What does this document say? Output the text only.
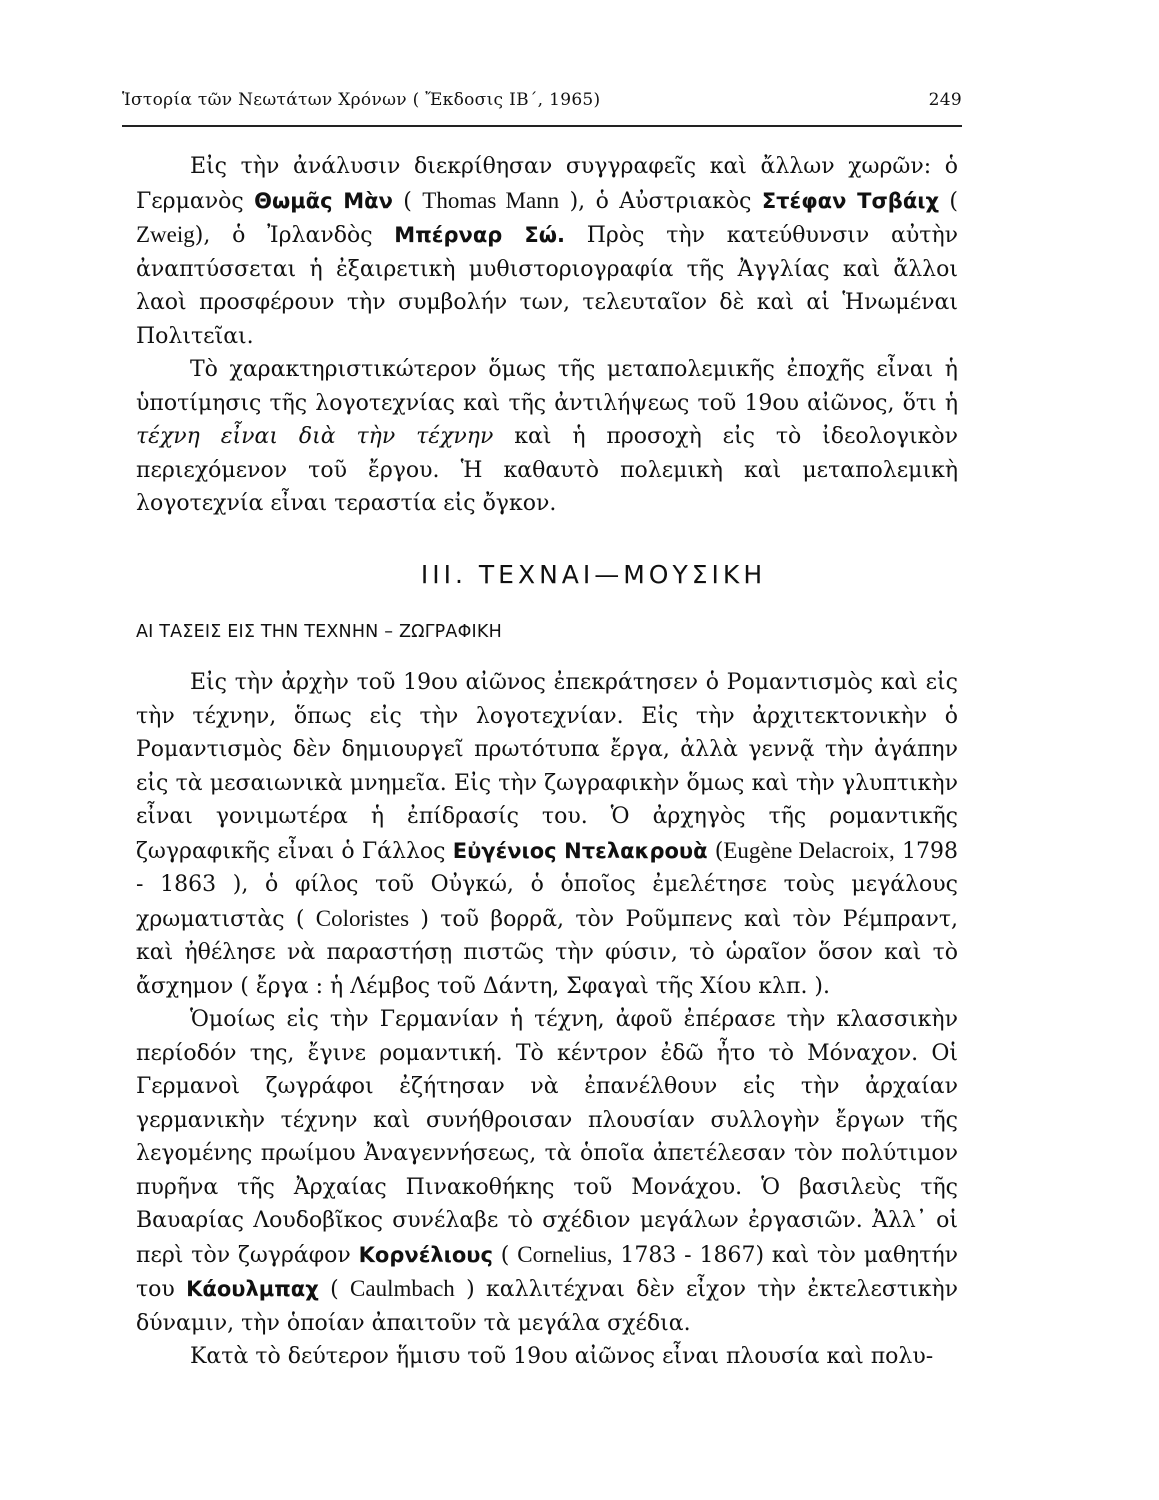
Ἱστορία τῶν Νεωτάτων Χρόνων ( Ἔκδοσις ΙΒ΄, 1965)	249

Εἰς τὴν ἀνάλυσιν διεκρίθησαν συγγραφεῖς καὶ ἄλλων χωρῶν: ὁ Γερμανὸς Θωμᾶς Μὰν ( Thomas Mann ), ὁ Αὐστριακὸς Στέφαν Τσβάιχ ( Zweig), ὁ Ἰρλανδὸς Μπέρναρ Σώ. Πρὸς τὴν κατεύθυνσιν αὐτὴν ἀναπτύσσεται ἡ ἐξαιρετικὴ μυθιστοριογραφία τῆς Ἀγγλίας καὶ ἄλλοι λαοὶ προσφέρουν τὴν συμβολήν των, τελευταῖον δὲ καὶ αἱ Ἡνωμέναι Πολιτεῖαι.

Τὸ χαρακτηριστικώτερον ὅμως τῆς μεταπολεμικῆς ἐποχῆς εἶναι ἡ ὑποτίμησις τῆς λογοτεχνίας καὶ τῆς ἀντιλήψεως τοῦ 19ου αἰῶνος, ὅτι ἡ τέχνη εἶναι διὰ τὴν τέχνην καὶ ἡ προσοχὴ εἰς τὸ ἰδεολογικὸν περιεχόμενον τοῦ ἔργου. Ἡ καθαυτὸ πολεμικὴ καὶ μεταπολεμικὴ λογοτεχνία εἶναι τεραστία εἰς ὄγκον.

ΙΙΙ. ΤΕΧΝΑΙ—ΜΟΥΣΙΚΗ
ΑΙ ΤΑΣΕΙΣ ΕΙΣ ΤΗΝ ΤΕΧΝΗΝ – ΖΩΓΡΑΦΙΚΗ

Εἰς τὴν ἀρχὴν τοῦ 19ου αἰῶνος ἐπεκράτησεν ὁ Ρομαντισμὸς καὶ εἰς τὴν τέχνην, ὅπως εἰς τὴν λογοτεχνίαν. Εἰς τὴν ἀρχιτεκτονικὴν ὁ Ρομαντισμὸς δὲν δημιουργεῖ πρωτότυπα ἔργα, ἀλλὰ γεννᾷ τὴν ἀγάπην εἰς τὰ μεσαιωνικὰ μνημεῖα. Εἰς τὴν ζωγραφικὴν ὅμως καὶ τὴν γλυπτικὴν εἶναι γονιμωτέρα ἡ ἐπίδρασίς του. Ὁ ἀρχηγὸς τῆς ρομαντικῆς ζωγραφικῆς εἶναι ὁ Γάλλος Εὐγένιος Ντελακρουὰ (Eugène Delacroix, 1798 - 1863 ), ὁ φίλος τοῦ Οὐγκώ, ὁ ὁποῖος ἐμελέτησε τοὺς μεγάλους χρωματιστὰς ( Coloristes ) τοῦ βορρᾶ, τὸν Ροῦμπενς καὶ τὸν Ρέμπραντ, καὶ ἠθέλησε νὰ παραστήσῃ πιστῶς τὴν φύσιν, τὸ ὡραῖον ὅσον καὶ τὸ ἄσχημον ( ἔργα : ἡ Λέμβος τοῦ Δάντη, Σφαγαὶ τῆς Χίου κλπ. ).

Ὁμοίως εἰς τὴν Γερμανίαν ἡ τέχνη, ἀφοῦ ἐπέρασε τὴν κλασσικὴν περίοδόν της, ἔγινε ρομαντική. Τὸ κέντρον ἐδῶ ἦτο τὸ Μόναχον. Οἱ Γερμανοὶ ζωγράφοι ἐζήτησαν νὰ ἐπανέλθουν εἰς τὴν ἀρχαίαν γερμανικὴν τέχνην καὶ συνήθροισαν πλουσίαν συλλογὴν ἔργων τῆς λεγομένης πρωίμου Ἀναγεννήσεως, τὰ ὁποῖα ἀπετέλεσαν τὸν πολύτιμον πυρῆνα τῆς Ἀρχαίας Πινακοθήκης τοῦ Μονάχου. Ὁ βασιλεὺς τῆς Βαυαρίας Λουδοβῖκος συνέλαβε τὸ σχέδιον μεγάλων ἐργασιῶν. Ἀλλ᾽ οἱ περὶ τὸν ζωγράφον Κορνέλιους ( Cornelius, 1783 - 1867) καὶ τὸν μαθητήν του Κάουλμπαχ ( Caulmbach ) καλλιτέχναι δὲν εἶχον τὴν ἐκτελεστικὴν δύναμιν, τὴν ὁποίαν ἀπαιτοῦν τὰ μεγάλα σχέδια.

Κατὰ τὸ δεύτερον ἥμισυ τοῦ 19ου αἰῶνος εἶναι πλουσία καὶ πολυ-
